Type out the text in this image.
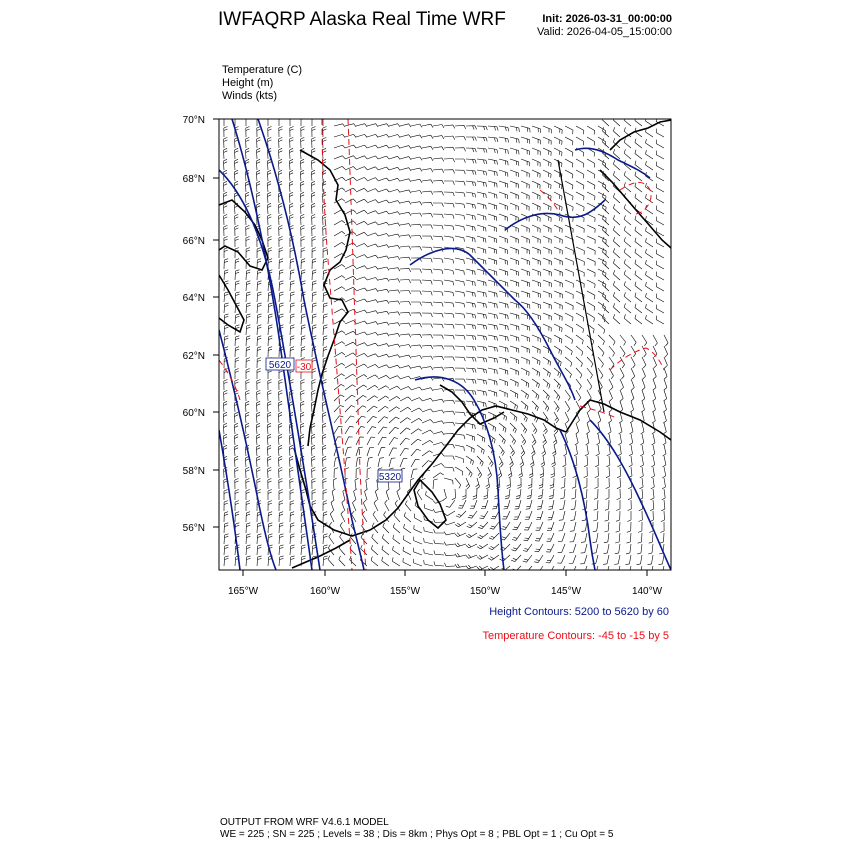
IWFAQRP Alaska Real Time WRF	Init: 2026-03-31_00:00:00
Valid: 2026-04-05_15:00:00
Temperature (C)
Height (m)
Winds (kts)
5620 -30
5320
70°N
68°N
66°N
64°N
62°N
60°N
58°N
56°N
165°W	160°W	155°W	150°W	145°W	140°W
Height Contours: 5200 to 5620 by 60
Temperature Contours: -45 to -15 by 5
OUTPUT FROM WRF V4.6.1 MODEL
WE = 225 ; SN = 225 ; Levels = 38 ; Dis = 8km ; Phys Opt = 8 ; PBL Opt = 1 ; Cu Opt = 5
